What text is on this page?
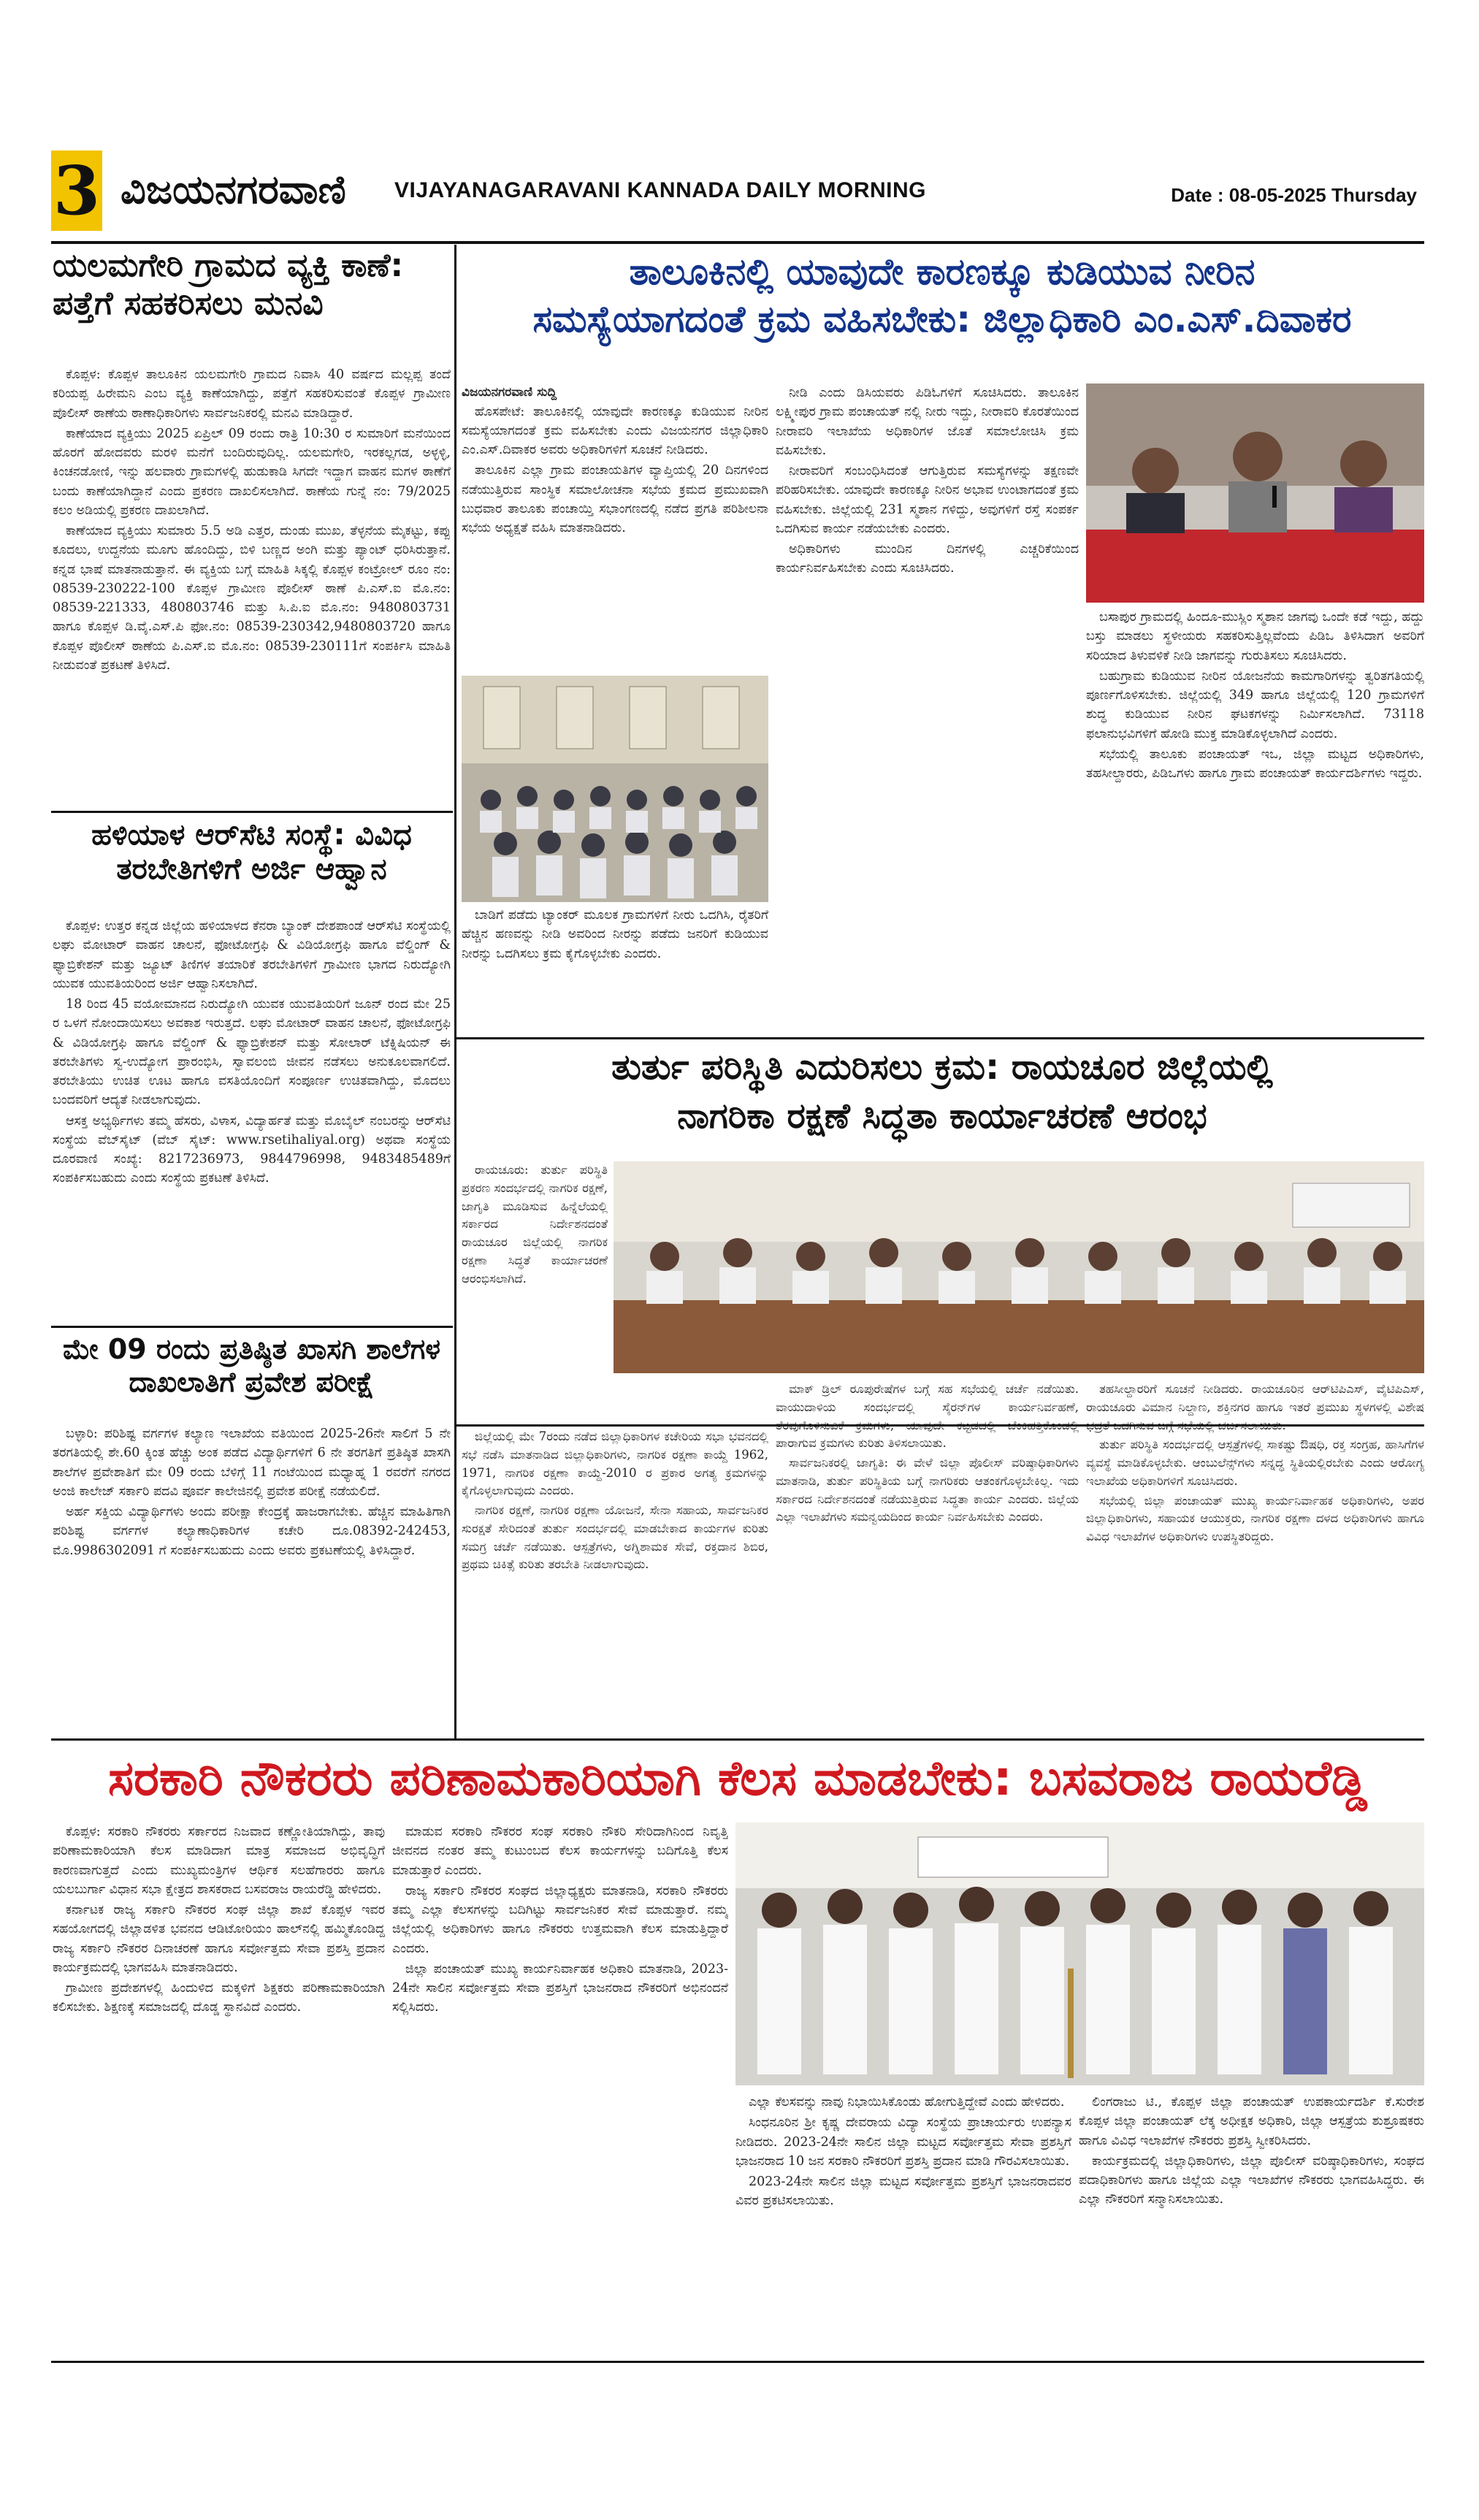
3 ವಿಜಯನಗರವಾಣಿ VIJAYANAGARAVANI KANNADA DAILY MORNING	Date : 08-05-2025 Thursday
ಯಲಮಗೇರಿ ಗ್ರಾಮದ ವ್ಯಕ್ತಿ ಕಾಣೆ: ಪತ್ತೆಗೆ ಸಹಕರಿಸಲು ಮನವಿ

ಕೊಪ್ಪಳ: ಕೊಪ್ಪಳ ತಾಲೂಕಿನ ಯಲಮಗೇರಿ ಗ್ರಾಮದ ನಿವಾಸಿ 40 ವರ್ಷದ ಮಲ್ಲಪ್ಪ ತಂದೆ ಕರಿಯಪ್ಪ ಹಿರೇಮನಿ ಎಂಬ ವ್ಯಕ್ತಿ ಕಾಣೆಯಾಗಿದ್ದು, ಪತ್ತೆಗೆ ಸಹಕರಿಸುವಂತೆ ಕೊಪ್ಪಳ ಗ್ರಾಮೀಣ ಪೊಲೀಸ್ ಠಾಣೆಯ ಠಾಣಾಧಿಕಾರಿಗಳು ಸಾರ್ವಜನಿಕರಲ್ಲಿ ಮನವಿ ಮಾಡಿದ್ದಾರೆ.

ಕಾಣೆಯಾದ ವ್ಯಕ್ತಿಯು 2025 ಏಪ್ರಿಲ್ 09 ರಂದು ರಾತ್ರಿ 10:30 ರ ಸುಮಾರಿಗೆ ಮನೆಯಿಂದ ಹೊರಗೆ ಹೋದವರು ಮರಳಿ ಮನೆಗೆ ಬಂದಿರುವುದಿಲ್ಲ. ಯಲಮಗೇರಿ, ಇರಕಲ್ಲಗಡ, ಅಳ್ಳಳ್ಳಿ, ಕಿಂಚನಡೋಣಿ, ಇನ್ನು ಹಲವಾರು ಗ್ರಾಮಗಳಲ್ಲಿ ಹುಡುಕಾಡಿ ಸಿಗದೇ ಇದ್ದಾಗ ವಾಹನ ಮಗಳ ಠಾಣೆಗೆ ಬಂದು ಕಾಣೆಯಾಗಿದ್ದಾನೆ ಎಂದು ಪ್ರಕರಣ ದಾಖಲಿಸಲಾಗಿದೆ. ಠಾಣೆಯ ಗುನ್ನೆ ನಂ: 79/2025 ಕಲಂ ಅಡಿಯಲ್ಲಿ ಪ್ರಕರಣ ದಾಖಲಾಗಿದೆ.

ಕಾಣೆಯಾದ ವ್ಯಕ್ತಿಯು ಸುಮಾರು 5.5 ಅಡಿ ಎತ್ತರ, ದುಂಡು ಮುಖ, ತೆಳ್ಳನೆಯ ಮೈಕಟ್ಟು, ಕಪ್ಪು ಕೂದಲು, ಉದ್ದನೆಯ ಮೂಗು ಹೊಂದಿದ್ದು, ಬಿಳಿ ಬಣ್ಣದ ಅಂಗಿ ಮತ್ತು ಪ್ಯಾಂಟ್ ಧರಿಸಿರುತ್ತಾನೆ. ಕನ್ನಡ ಭಾಷೆ ಮಾತನಾಡುತ್ತಾನೆ. ಈ ವ್ಯಕ್ತಿಯ ಬಗ್ಗೆ ಮಾಹಿತಿ ಸಿಕ್ಕಲ್ಲಿ ಕೊಪ್ಪಳ ಕಂಟ್ರೋಲ್ ರೂಂ ನಂ: 08539-230222-100 ಕೊಪ್ಪಳ ಗ್ರಾಮೀಣ ಪೊಲೀಸ್ ಠಾಣೆ ಪಿ.ಎಸ್.ಐ ಮೊ.ನಂ: 08539-221333, 480803746 ಮತ್ತು ಸಿ.ಪಿ.ಐ ಮೊ.ನಂ: 9480803731 ಹಾಗೂ ಕೊಪ್ಪಳ ಡಿ.ವೈ.ಎಸ್.ಪಿ ಫೋ.ನಂ: 08539-230342,9480803720 ಹಾಗೂ ಕೊಪ್ಪಳ ಪೊಲೀಸ್ ಠಾಣೆಯ ಪಿ.ಎಸ್.ಐ ಮೊ.ನಂ: 08539-230111ಗೆ ಸಂಪರ್ಕಿಸಿ ಮಾಹಿತಿ ನೀಡುವಂತೆ ಪ್ರಕಟಣೆ ತಿಳಿಸಿದೆ.

ಹಳಿಯಾಳ ಆರ್‌ಸೆಟಿ ಸಂಸ್ಥೆ: ವಿವಿಧ ತರಬೇತಿಗಳಿಗೆ ಅರ್ಜಿ ಆಹ್ವಾನ

ಕೊಪ್ಪಳ: ಉತ್ತರ ಕನ್ನಡ ಜಿಲ್ಲೆಯ ಹಳಿಯಾಳದ ಕೆನರಾ ಬ್ಯಾಂಕ್ ದೇಶಪಾಂಡೆ ಆರ್‌ಸೆಟಿ ಸಂಸ್ಥೆಯಲ್ಲಿ ಲಘು ಮೋಟಾರ್ ವಾಹನ ಚಾಲನೆ, ಫೋಟೋಗ್ರಫಿ & ವಿಡಿಯೋಗ್ರಫಿ ಹಾಗೂ ವೆಲ್ಡಿಂಗ್ & ಫ್ಯಾಬ್ರಿಕೇಶನ್ ಮತ್ತು ಜ್ಯೂಟ್ ತಿಣಿಗಳ ತಯಾರಿಕೆ ತರಬೇತಿಗಳಿಗೆ ಗ್ರಾಮೀಣ ಭಾಗದ ನಿರುದ್ಯೋಗಿ ಯುವಕ ಯುವತಿಯರಿಂದ ಅರ್ಜಿ ಆಹ್ವಾನಿಸಲಾಗಿದೆ.

18 ರಿಂದ 45 ವಯೋಮಾನದ ನಿರುದ್ಯೋಗಿ ಯುವಕ ಯುವತಿಯರಿಗೆ ಜೂನ್ ರಂದ ಮೇ 25 ರ ಒಳಗೆ ನೋಂದಾಯಿಸಲು ಅವಕಾಶ ಇರುತ್ತದೆ. ಲಘು ಮೋಟಾರ್ ವಾಹನ ಚಾಲನೆ, ಫೋಟೋಗ್ರಫಿ & ವಿಡಿಯೋಗ್ರಫಿ ಹಾಗೂ ವೆಲ್ಡಿಂಗ್ & ಫ್ಯಾಬ್ರಿಕೇಶನ್ ಮತ್ತು ಸೋಲಾರ್ ಟೆಕ್ನಿಷಿಯನ್ ಈ ತರಬೇತಿಗಳು ಸ್ವ-ಉದ್ಯೋಗ ಪ್ರಾರಂಭಿಸಿ, ಸ್ವಾವಲಂಬಿ ಜೀವನ ನಡೆಸಲು ಅನುಕೂಲವಾಗಲಿದೆ. ತರಬೇತಿಯು ಉಚಿತ ಊಟ ಹಾಗೂ ವಸತಿಯೊಂದಿಗೆ ಸಂಪೂರ್ಣ ಉಚಿತವಾಗಿದ್ದು, ಮೊದಲು ಬಂದವರಿಗೆ ಆದ್ಯತೆ ನೀಡಲಾಗುವುದು.

ಆಸಕ್ತ ಅಭ್ಯರ್ಥಿಗಳು ತಮ್ಮ ಹೆಸರು, ವಿಳಾಸ, ವಿದ್ಯಾರ್ಹತೆ ಮತ್ತು ಮೊಬೈಲ್ ನಂಬರನ್ನು ಆರ್‌ಸೆಟಿ ಸಂಸ್ಥೆಯ ವೆಬ್‌ಸೈಟ್ (ವೆಬ್ ಸೈಟ್: www.rsetihaliyal.org) ಅಥವಾ ಸಂಸ್ಥೆಯ ದೂರವಾಣಿ ಸಂಖ್ಯೆ: 8217236973, 9844796998, 9483485489ಗೆ ಸಂಪರ್ಕಿಸಬಹುದು ಎಂದು ಸಂಸ್ಥೆಯ ಪ್ರಕಟಣೆ ತಿಳಿಸಿದೆ.

ಮೇ 09 ರಂದು ಪ್ರತಿಷ್ಠಿತ ಖಾಸಗಿ ಶಾಲೆಗಳ ದಾಖಲಾತಿಗೆ ಪ್ರವೇಶ ಪರೀಕ್ಷೆ

ಬಳ್ಳಾರಿ: ಪರಿಶಿಷ್ಟ ವರ್ಗಗಳ ಕಲ್ಯಾಣ ಇಲಾಖೆಯ ವತಿಯಿಂದ 2025-26ನೇ ಸಾಲಿಗೆ 5 ನೇ ತರಗತಿಯಲ್ಲಿ ಶೇ.60 ಕ್ಕಿಂತ ಹೆಚ್ಚು ಅಂಕ ಪಡೆದ ವಿದ್ಯಾರ್ಥಿಗಳಿಗೆ 6 ನೇ ತರಗತಿಗೆ ಪ್ರತಿಷ್ಠಿತ ಖಾಸಗಿ ಶಾಲೆಗಳ ಪ್ರವೇಶಾತಿಗೆ ಮೇ 09 ರಂದು ಬೆಳಿಗ್ಗೆ 11 ಗಂಟೆಯಿಂದ ಮಧ್ಯಾಹ್ನ 1 ರವರೆಗೆ ನಗರದ ಅಂಜಿ ಕಾಲೇಜ್ ಸರ್ಕಾರಿ ಪದವಿ ಪೂರ್ವ ಕಾಲೇಜಿನಲ್ಲಿ ಪ್ರವೇಶ ಪರೀಕ್ಷೆ ನಡೆಯಲಿದೆ.

ಅರ್ಹ ಸಕ್ತಿಯ ವಿದ್ಯಾರ್ಥಿಗಳು ಅಂದು ಪರೀಕ್ಷಾ ಕೇಂದ್ರಕ್ಕೆ ಹಾಜರಾಗಬೇಕು. ಹೆಚ್ಚಿನ ಮಾಹಿತಿಗಾಗಿ ಪರಿಶಿಷ್ಟ ವರ್ಗಗಳ ಕಲ್ಯಾಣಾಧಿಕಾರಿಗಳ ಕಚೇರಿ ದೂ.08392-242453, ಮೊ.9986302091 ಗೆ ಸಂಪರ್ಕಿಸಬಹುದು ಎಂದು ಅವರು ಪ್ರಕಟಣೆಯಲ್ಲಿ ತಿಳಿಸಿದ್ದಾರೆ.

ತಾಲೂಕಿನಲ್ಲಿ ಯಾವುದೇ ಕಾರಣಕ್ಕೂ ಕುಡಿಯುವ ನೀರಿನ
ಸಮಸ್ಯೆಯಾಗದಂತೆ ಕ್ರಮ ವಹಿಸಬೇಕು: ಜಿಲ್ಲಾಧಿಕಾರಿ ಎಂ.ಎಸ್.ದಿವಾಕರ
ವಿಜಯನಗರವಾಣಿ ಸುದ್ದಿ

ಹೊಸಪೇಟೆ: ತಾಲೂಕಿನಲ್ಲಿ ಯಾವುದೇ ಕಾರಣಕ್ಕೂ ಕುಡಿಯುವ ನೀರಿನ ಸಮಸ್ಯೆಯಾಗದಂತೆ ಕ್ರಮ ವಹಿಸಬೇಕು ಎಂದು ವಿಜಯನಗರ ಜಿಲ್ಲಾಧಿಕಾರಿ ಎಂ.ಎಸ್.ದಿವಾಕರ ಅವರು ಅಧಿಕಾರಿಗಳಿಗೆ ಸೂಚನೆ ನೀಡಿದರು.

ತಾಲೂಕಿನ ಎಲ್ಲಾ ಗ್ರಾಮ ಪಂಚಾಯತಿಗಳ ವ್ಯಾಪ್ತಿಯಲ್ಲಿ 20 ದಿನಗಳಿಂದ ನಡೆಯುತ್ತಿರುವ ಸಾಂಸ್ಥಿಕ ಸಮಾಲೋಚನಾ ಸಭೆಯ ಕ್ರಮದ ಪ್ರಮುಖವಾಗಿ ಬುಧವಾರ ತಾಲೂಕು ಪಂಚಾಯ್ತಿ ಸಭಾಂಗಣದಲ್ಲಿ ನಡೆದ ಪ್ರಗತಿ ಪರಿಶೀಲನಾ ಸಭೆಯ ಅಧ್ಯಕ್ಷತೆ ವಹಿಸಿ ಮಾತನಾಡಿದರು.

ಬಾಡಿಗೆ ಪಡೆದು ಟ್ಯಾಂಕರ್ ಮೂಲಕ ಗ್ರಾಮಗಳಿಗೆ ನೀರು ಒದಗಿಸಿ, ರೈತರಿಗೆ ಹೆಚ್ಚಿನ ಹಣವನ್ನು ನೀಡಿ ಅವರಿಂದ ನೀರನ್ನು ಪಡೆದು ಜನರಿಗೆ ಕುಡಿಯುವ ನೀರನ್ನು ಒದಗಿಸಲು ಕ್ರಮ ಕೈಗೊಳ್ಳಬೇಕು ಎಂದರು.

ನೀಡಿ ಎಂದು ಡಿಸಿಯವರು ಪಿಡಿಓಗಳಿಗೆ ಸೂಚಿಸಿದರು. ತಾಲೂಕಿನ ಲಕ್ಷ್ಮೀಪುರ ಗ್ರಾಮ ಪಂಚಾಯತ್ ನಲ್ಲಿ ನೀರು ಇದ್ದು, ನೀರಾವರಿ ಕೊರತೆಯಿಂದ ನೀರಾವರಿ ಇಲಾಖೆಯ ಅಧಿಕಾರಿಗಳ ಜೊತೆ ಸಮಾಲೋಚಿಸಿ ಕ್ರಮ ವಹಿಸಬೇಕು.

ನೀರಾವರಿಗೆ ಸಂಬಂಧಿಸಿದಂತೆ ಆಗುತ್ತಿರುವ ಸಮಸ್ಯೆಗಳನ್ನು ತಕ್ಷಣವೇ ಪರಿಹರಿಸಬೇಕು. ಯಾವುದೇ ಕಾರಣಕ್ಕೂ ನೀರಿನ ಅಭಾವ ಉಂಟಾಗದಂತೆ ಕ್ರಮ ವಹಿಸಬೇಕು. ಜಿಲ್ಲೆಯಲ್ಲಿ 231 ಸ್ಮಶಾನ ಗಳಿದ್ದು, ಅವುಗಳಿಗೆ ರಸ್ತೆ ಸಂಪರ್ಕ ಒದಗಿಸುವ ಕಾರ್ಯ ನಡೆಯಬೇಕು ಎಂದರು.

ಅಧಿಕಾರಿಗಳು ಮುಂದಿನ ದಿನಗಳಲ್ಲಿ ಎಚ್ಚರಿಕೆಯಿಂದ ಕಾರ್ಯನಿರ್ವಹಿಸಬೇಕು ಎಂದು ಸೂಚಿಸಿದರು.

ಬಸಾಪುರ ಗ್ರಾಮದಲ್ಲಿ ಹಿಂದೂ-ಮುಸ್ಲಿಂ ಸ್ಮಶಾನ ಜಾಗವು ಒಂದೇ ಕಡೆ ಇದ್ದು, ಹದ್ದು ಬಸ್ತು ಮಾಡಲು ಸ್ಥಳೀಯರು ಸಹಕರಿಸುತ್ತಿಲ್ಲವೆಂದು ಪಿಡಿಒ ತಿಳಿಸಿದಾಗ ಅವರಿಗೆ ಸರಿಯಾದ ತಿಳುವಳಿಕೆ ನೀಡಿ ಜಾಗವನ್ನು ಗುರುತಿಸಲು ಸೂಚಿಸಿದರು.

ಬಹುಗ್ರಾಮ ಕುಡಿಯುವ ನೀರಿನ ಯೋಜನೆಯ ಕಾಮಗಾರಿಗಳನ್ನು ತ್ವರಿತಗತಿಯಲ್ಲಿ ಪೂರ್ಣಗೊಳಿಸಬೇಕು. ಜಿಲ್ಲೆಯಲ್ಲಿ 349 ಹಾಗೂ ಜಿಲ್ಲೆಯಲ್ಲಿ 120 ಗ್ರಾಮಗಳಿಗೆ ಶುದ್ಧ ಕುಡಿಯುವ ನೀರಿನ ಘಟಕಗಳನ್ನು ನಿರ್ಮಿಸಲಾಗಿದೆ. 73118 ಫಲಾನುಭವಿಗಳಿಗೆ ಹೋಡಿ ಮುಕ್ತ ಮಾಡಿಕೊಳ್ಳಲಾಗಿದೆ ಎಂದರು.

ಸಭೆಯಲ್ಲಿ ತಾಲೂಕು ಪಂಚಾಯತ್ ಇಒ, ಜಿಲ್ಲಾ ಮಟ್ಟದ ಅಧಿಕಾರಿಗಳು, ತಹಸೀಲ್ದಾರರು, ಪಿಡಿಒಗಳು ಹಾಗೂ ಗ್ರಾಮ ಪಂಚಾಯತ್ ಕಾರ್ಯದರ್ಶಿಗಳು ಇದ್ದರು.

ತುರ್ತು ಪರಿಸ್ಥಿತಿ ಎದುರಿಸಲು ಕ್ರಮ: ರಾಯಚೂರ ಜಿಲ್ಲೆಯಲ್ಲಿ
ನಾಗರಿಕಾ ರಕ್ಷಣೆ ಸಿದ್ಧತಾ ಕಾರ್ಯಾಚರಣೆ ಆರಂಭ

ರಾಯಚೂರು: ತುರ್ತು ಪರಿಸ್ಥಿತಿ ಪ್ರಕರಣ ಸಂದರ್ಭದಲ್ಲಿ ನಾಗರಿಕ ರಕ್ಷಣೆ, ಜಾಗೃತಿ ಮೂಡಿಸುವ ಹಿನ್ನೆಲೆಯಲ್ಲಿ ಸರ್ಕಾರದ ನಿರ್ದೇಶನದಂತೆ ರಾಯಚೂರ ಜಿಲ್ಲೆಯಲ್ಲಿ ನಾಗರಿಕ ರಕ್ಷಣಾ ಸಿದ್ಧತೆ ಕಾರ್ಯಾಚರಣೆ ಆರಂಭಿಸಲಾಗಿದೆ.

ಜಿಲ್ಲೆಯಲ್ಲಿ ಮೇ 7ರಂದು ನಡೆದ ಜಿಲ್ಲಾಧಿಕಾರಿಗಳ ಕಚೇರಿಯ ಸಭಾ ಭವನದಲ್ಲಿ ಸಭೆ ನಡೆಸಿ ಮಾತನಾಡಿದ ಜಿಲ್ಲಾಧಿಕಾರಿಗಳು, ನಾಗರಿಕ ರಕ್ಷಣಾ ಕಾಯ್ದೆ 1962, 1971, ನಾಗರಿಕ ರಕ್ಷಣಾ ಕಾಯ್ದೆ-2010 ರ ಪ್ರಕಾರ ಅಗತ್ಯ ಕ್ರಮಗಳನ್ನು ಕೈಗೊಳ್ಳಲಾಗುವುದು ಎಂದರು.

ನಾಗರಿಕ ರಕ್ಷಣೆ, ನಾಗರಿಕ ರಕ್ಷಣಾ ಯೋಜನೆ, ಸೇನಾ ಸಹಾಯ, ಸಾರ್ವಜನಿಕರ ಸುರಕ್ಷತೆ ಸೇರಿದಂತೆ ತುರ್ತು ಸಂದರ್ಭದಲ್ಲಿ ಮಾಡಬೇಕಾದ ಕಾರ್ಯಗಳ ಕುರಿತು ಸಮಗ್ರ ಚರ್ಚೆ ನಡೆಯಿತು. ಆಸ್ಪತ್ರೆಗಳು, ಅಗ್ನಿಶಾಮಕ ಸೇವೆ, ರಕ್ತದಾನ ಶಿಬಿರ, ಪ್ರಥಮ ಚಿಕಿತ್ಸೆ ಕುರಿತು ತರಬೇತಿ ನೀಡಲಾಗುವುದು.

ಮಾಕ್ ಡ್ರಿಲ್ ರೂಪುರೇಷೆಗಳ ಬಗ್ಗೆ ಸಹ ಸಭೆಯಲ್ಲಿ ಚರ್ಚೆ ನಡೆಯಿತು. ವಾಯುದಾಳಿಯ ಸಂದರ್ಭದಲ್ಲಿ ಸೈರನ್‌ಗಳ ಕಾರ್ಯನಿರ್ವಹಣೆ, ತೆರವುಗೊಳಿಸುವಿಕೆ ಕ್ರಮಗಳು, ಯಾವುದೇ ಕಟ್ಟಡದಲ್ಲಿ ಬೆಂಕಿಹತ್ತಿಕೊಂಡಲ್ಲಿ ಪಾರಾಗುವ ಕ್ರಮಗಳು ಕುರಿತು ತಿಳಿಸಲಾಯಿತು.

ಸಾರ್ವಜನಿಕರಲ್ಲಿ ಜಾಗೃತಿ: ಈ ವೇಳೆ ಜಿಲ್ಲಾ ಪೊಲೀಸ್ ವರಿಷ್ಠಾಧಿಕಾರಿಗಳು ಮಾತನಾಡಿ, ತುರ್ತು ಪರಿಸ್ಥಿತಿಯ ಬಗ್ಗೆ ನಾಗರಿಕರು ಆತಂಕಗೊಳ್ಳಬೇಕಿಲ್ಲ. ಇದು ಸರ್ಕಾರದ ನಿರ್ದೇಶನದಂತೆ ನಡೆಯುತ್ತಿರುವ ಸಿದ್ಧತಾ ಕಾರ್ಯ ಎಂದರು. ಜಿಲ್ಲೆಯ ಎಲ್ಲಾ ಇಲಾಖೆಗಳು ಸಮನ್ವಯದಿಂದ ಕಾರ್ಯ ನಿರ್ವಹಿಸಬೇಕು ಎಂದರು.

ತಹಸೀಲ್ದಾರರಿಗೆ ಸೂಚನೆ ನೀಡಿದರು. ರಾಯಚೂರಿನ ಆರ್‌ಟಿಪಿಎಸ್, ವೈಟಿಪಿಎಸ್, ರಾಯಚೂರು ವಿಮಾನ ನಿಲ್ದಾಣ, ಶಕ್ತಿನಗರ ಹಾಗೂ ಇತರೆ ಪ್ರಮುಖ ಸ್ಥಳಗಳಲ್ಲಿ ವಿಶೇಷ ಭದ್ರತೆ ಒದಗಿಸುವ ಬಗ್ಗೆ ಸಭೆಯಲ್ಲಿ ಚರ್ಚಿಸಲಾಯಿತು.

ತುರ್ತು ಪರಿಸ್ಥಿತಿ ಸಂದರ್ಭದಲ್ಲಿ ಆಸ್ಪತ್ರೆಗಳಲ್ಲಿ ಸಾಕಷ್ಟು ಔಷಧಿ, ರಕ್ತ ಸಂಗ್ರಹ, ಹಾಸಿಗೆಗಳ ವ್ಯವಸ್ಥೆ ಮಾಡಿಕೊಳ್ಳಬೇಕು. ಆಂಬುಲೆನ್ಸ್‌ಗಳು ಸನ್ನದ್ಧ ಸ್ಥಿತಿಯಲ್ಲಿರಬೇಕು ಎಂದು ಆರೋಗ್ಯ ಇಲಾಖೆಯ ಅಧಿಕಾರಿಗಳಿಗೆ ಸೂಚಿಸಿದರು.

ಸಭೆಯಲ್ಲಿ ಜಿಲ್ಲಾ ಪಂಚಾಯತ್ ಮುಖ್ಯ ಕಾರ್ಯನಿರ್ವಾಹಕ ಅಧಿಕಾರಿಗಳು, ಅಪರ ಜಿಲ್ಲಾಧಿಕಾರಿಗಳು, ಸಹಾಯಕ ಆಯುಕ್ತರು, ನಾಗರಿಕ ರಕ್ಷಣಾ ದಳದ ಅಧಿಕಾರಿಗಳು ಹಾಗೂ ವಿವಿಧ ಇಲಾಖೆಗಳ ಅಧಿಕಾರಿಗಳು ಉಪಸ್ಥಿತರಿದ್ದರು.

ಸರಕಾರಿ ನೌಕರರು ಪರಿಣಾಮಕಾರಿಯಾಗಿ ಕೆಲಸ ಮಾಡಬೇಕು: ಬಸವರಾಜ ರಾಯರೆಡ್ಡಿ

ಕೊಪ್ಪಳ: ಸರಕಾರಿ ನೌಕರರು ಸರ್ಕಾರದ ನಿಜವಾದ ಕಣ್ಣೋತಿಯಾಗಿದ್ದು, ತಾವು ಪರಿಣಾಮಕಾರಿಯಾಗಿ ಕೆಲಸ ಮಾಡಿದಾಗ ಮಾತ್ರ ಸಮಾಜದ ಅಭಿವೃದ್ಧಿಗೆ ಕಾರಣವಾಗುತ್ತದೆ ಎಂದು ಮುಖ್ಯಮಂತ್ರಿಗಳ ಆರ್ಥಿಕ ಸಲಹೆಗಾರರು ಹಾಗೂ ಯಲಬುರ್ಗಾ ವಿಧಾನ ಸಭಾ ಕ್ಷೇತ್ರದ ಶಾಸಕರಾದ ಬಸವರಾಜ ರಾಯರೆಡ್ಡಿ ಹೇಳಿದರು.

ಕರ್ನಾಟಕ ರಾಜ್ಯ ಸರ್ಕಾರಿ ನೌಕರರ ಸಂಘ ಜಿಲ್ಲಾ ಶಾಖೆ ಕೊಪ್ಪಳ ಇವರ ಸಹಯೋಗದಲ್ಲಿ ಜಿಲ್ಲಾಡಳಿತ ಭವನದ ಆಡಿಟೋರಿಯಂ ಹಾಲ್‌ನಲ್ಲಿ ಹಮ್ಮಿಕೊಂಡಿದ್ದ ರಾಜ್ಯ ಸರ್ಕಾರಿ ನೌಕರರ ದಿನಾಚರಣೆ ಹಾಗೂ ಸರ್ವೋತ್ತಮ ಸೇವಾ ಪ್ರಶಸ್ತಿ ಪ್ರದಾನ ಕಾರ್ಯಕ್ರಮದಲ್ಲಿ ಭಾಗವಹಿಸಿ ಮಾತನಾಡಿದರು.

ಗ್ರಾಮೀಣ ಪ್ರದೇಶಗಳಲ್ಲಿ ಹಿಂದುಳಿದ ಮಕ್ಕಳಿಗೆ ಶಿಕ್ಷಕರು ಪರಿಣಾಮಕಾರಿಯಾಗಿ ಕಲಿಸಬೇಕು. ಶಿಕ್ಷಣಕ್ಕೆ ಸಮಾಜದಲ್ಲಿ ದೊಡ್ಡ ಸ್ಥಾನವಿದೆ ಎಂದರು.

ಮಾಡುವ ಸರಕಾರಿ ನೌಕರರ ಸಂಘ ಸರಕಾರಿ ನೌಕರಿ ಸೇರಿದಾಗಿನಿಂದ ನಿವೃತ್ತಿ ಜೀವನದ ನಂತರ ತಮ್ಮ ಕುಟುಂಬದ ಕೆಲಸ ಕಾರ್ಯಗಳನ್ನು ಬದಿಗೊತ್ತಿ ಕೆಲಸ ಮಾಡುತ್ತಾರೆ ಎಂದರು.

ರಾಜ್ಯ ಸರ್ಕಾರಿ ನೌಕರರ ಸಂಘದ ಜಿಲ್ಲಾಧ್ಯಕ್ಷರು ಮಾತನಾಡಿ, ಸರಕಾರಿ ನೌಕರರು ತಮ್ಮ ಎಲ್ಲಾ ಕೆಲಸಗಳನ್ನು ಬದಿಗಿಟ್ಟು ಸಾರ್ವಜನಿಕರ ಸೇವೆ ಮಾಡುತ್ತಾರೆ. ನಮ್ಮ ಜಿಲ್ಲೆಯಲ್ಲಿ ಅಧಿಕಾರಿಗಳು ಹಾಗೂ ನೌಕರರು ಉತ್ತಮವಾಗಿ ಕೆಲಸ ಮಾಡುತ್ತಿದ್ದಾರೆ ಎಂದರು.

ಜಿಲ್ಲಾ ಪಂಚಾಯತ್ ಮುಖ್ಯ ಕಾರ್ಯನಿರ್ವಾಹಕ ಅಧಿಕಾರಿ ಮಾತನಾಡಿ, 2023-24ನೇ ಸಾಲಿನ ಸರ್ವೋತ್ತಮ ಸೇವಾ ಪ್ರಶಸ್ತಿಗೆ ಭಾಜನರಾದ ನೌಕರರಿಗೆ ಅಭಿನಂದನೆ ಸಲ್ಲಿಸಿದರು.

ಎಲ್ಲಾ ಕೆಲಸವನ್ನು ನಾವು ನಿಭಾಯಿಸಿಕೊಂಡು ಹೋಗುತ್ತಿದ್ದೇವೆ ಎಂದು ಹೇಳಿದರು.

ಸಿಂಧನೂರಿನ ಶ್ರೀ ಕೃಷ್ಣ ದೇವರಾಯ ವಿದ್ಯಾ ಸಂಸ್ಥೆಯ ಪ್ರಾಚಾರ್ಯರು ಉಪನ್ಯಾಸ ನೀಡಿದರು. 2023-24ನೇ ಸಾಲಿನ ಜಿಲ್ಲಾ ಮಟ್ಟದ ಸರ್ವೋತ್ತಮ ಸೇವಾ ಪ್ರಶಸ್ತಿಗೆ ಭಾಜನರಾದ 10 ಜನ ಸರಕಾರಿ ನೌಕರರಿಗೆ ಪ್ರಶಸ್ತಿ ಪ್ರದಾನ ಮಾಡಿ ಗೌರವಿಸಲಾಯಿತು.

2023-24ನೇ ಸಾಲಿನ ಜಿಲ್ಲಾ ಮಟ್ಟದ ಸರ್ವೋತ್ತಮ ಪ್ರಶಸ್ತಿಗೆ ಭಾಜನರಾದವರ ವಿವರ ಪ್ರಕಟಿಸಲಾಯಿತು.

ಲಿಂಗರಾಜು ಟಿ., ಕೊಪ್ಪಳ ಜಿಲ್ಲಾ ಪಂಚಾಯತ್ ಉಪಕಾರ್ಯದರ್ಶಿ ಕೆ.ಸುರೇಶ ಕೊಪ್ಪಳ ಜಿಲ್ಲಾ ಪಂಚಾಯತ್ ಲೆಕ್ಕ ಅಧೀಕ್ಷಕ ಅಧಿಕಾರಿ, ಜಿಲ್ಲಾ ಆಸ್ಪತ್ರೆಯ ಶುಶ್ರೂಷಕರು ಹಾಗೂ ವಿವಿಧ ಇಲಾಖೆಗಳ ನೌಕರರು ಪ್ರಶಸ್ತಿ ಸ್ವೀಕರಿಸಿದರು.

ಕಾರ್ಯಕ್ರಮದಲ್ಲಿ ಜಿಲ್ಲಾಧಿಕಾರಿಗಳು, ಜಿಲ್ಲಾ ಪೊಲೀಸ್ ವರಿಷ್ಠಾಧಿಕಾರಿಗಳು, ಸಂಘದ ಪದಾಧಿಕಾರಿಗಳು ಹಾಗೂ ಜಿಲ್ಲೆಯ ಎಲ್ಲಾ ಇಲಾಖೆಗಳ ನೌಕರರು ಭಾಗವಹಿಸಿದ್ದರು. ಈ ಎಲ್ಲಾ ನೌಕರರಿಗೆ ಸನ್ಮಾನಿಸಲಾಯಿತು.
